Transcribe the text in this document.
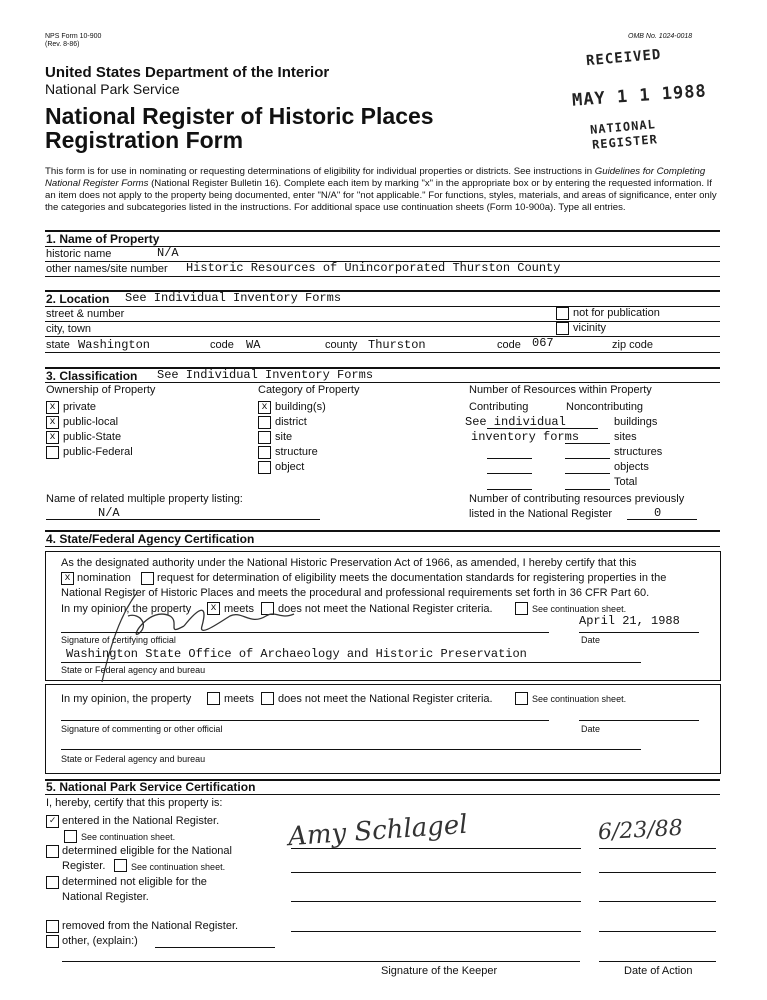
NPS Form 10-900
(Rev. 8-86)
OMB No. 1024-0018
United States Department of the Interior
National Park Service
National Register of Historic Places
Registration Form
RECEIVED
MAY 1 1 1988
NATIONAL
REGISTER
This form is for use in nominating or requesting determinations of eligibility for individual properties or districts. See instructions in Guidelines for Completing National Register Forms (National Register Bulletin 16). Complete each item by marking "x" in the appropriate box or by entering the requested information. If an item does not apply to the property being documented, enter "N/A" for "not applicable." For functions, styles, materials, and areas of significance, enter only the categories and subcategories listed in the instructions. For additional space use continuation sheets (Form 10-900a). Type all entries.
1. Name of Property
historic name	N/A
other names/site number Historic Resources of Unincorporated Thurston County
2. Location See Individual Inventory Forms
street & number	not for publication
city, town	vicinity
state Washington	code WA	county Thurston	code 067	zip code
3. Classification See Individual Inventory Forms
Ownership of Property
x private
x public-local
x public-State
public-Federal
Category of Property
x building(s)
district
site
structure
object
Number of Resources within Property
Contributing	Noncontributing
See individual	buildings
inventory forms	sites
structures
objects
Total
Name of related multiple property listing:
N/A
Number of contributing resources previously
listed in the National Register	0
4. State/Federal Agency Certification
As the designated authority under the National Historic Preservation Act of 1966, as amended, I hereby certify that this
x nomination request for determination of eligibility meets the documentation standards for registering properties in the
National Register of Historic Places and meets the procedural and professional requirements set forth in 36 CFR Part 60.
In my opinion, the property	x meets does not meet the National Register criteria.	See continuation sheet.
April 21, 1988
Signature of certifying official	Date
Washington State Office of Archaeology and Historic Preservation
State or Federal agency and bureau
In my opinion, the property	meets does not meet the National Register criteria.	See continuation sheet.
Signature of commenting or other official	Date
State or Federal agency and bureau
5. National Park Service Certification
I, hereby, certify that this property is:
✓ entered in the National Register.
See continuation sheet.
determined eligible for the National
Register.	See continuation sheet.
determined not eligible for the
National Register.
removed from the National Register.
other, (explain:)
Amy Schlagel	6/23/88
Signature of the Keeper	Date of Action
